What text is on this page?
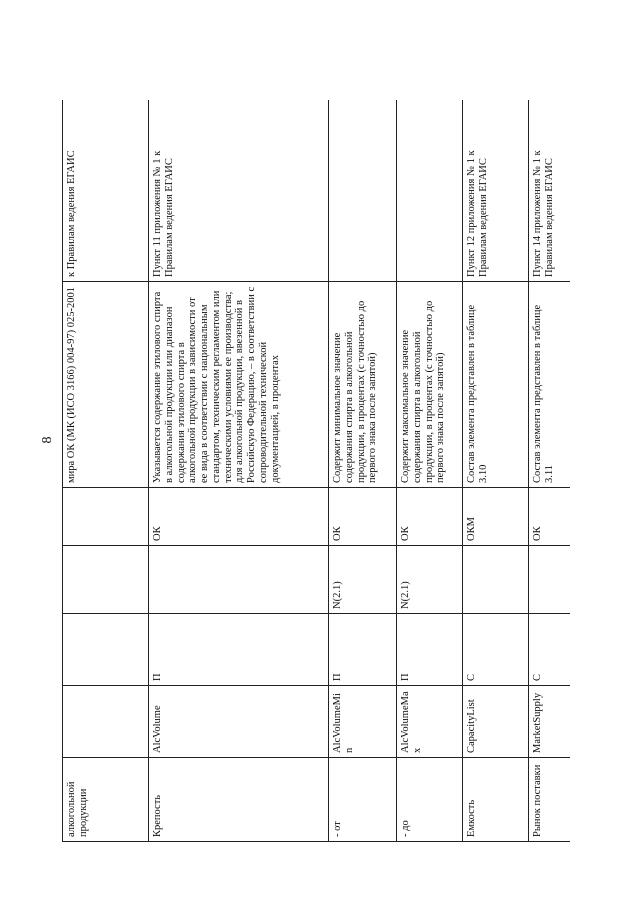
8
алкогольной продукции					мира ОК (МК (ИСО 3166) 004-97) 025-2001	к Правилам ведения ЕГАИС
Крепость	AlcVolume	П		ОК	Указывается содержание этилового спирта в алкогольной продукции или диапазон содержания этилового спирта в алкогольной продукции в зависимости от ее вида в соответствии с национальным стандартом, техническим регламентом или техническими условиями ее производства; для алкогольной продукции, ввезенной в Российскую Федерацию, – в соответствии с сопроводительной технической документацией, в процентах	Пункт 11 приложения № 1 к Правилам ведения ЕГАИС
- от	AlcVolumeMin	П	N(2.1)	ОК	Содержит минимальное значение содержания спирта в алкогольной продукции, в процентах (с точностью до первого знака после запятой)	
- до	AlcVolumeMax	П	N(2.1)	ОК	Содержит максимальное значение содержания спирта в алкогольной продукции, в процентах (с точностью до первого знака после запятой)	
Емкость	CapacityList	С		ОКМ	Состав элемента представлен в таблице 3.10	Пункт 12 приложения № 1 к Правилам ведения ЕГАИС
Рынок поставки	MarketSupply	С		ОК	Состав элемента представлен в таблице 3.11	Пункт 14 приложения № 1 к Правилам ведения ЕГАИС
